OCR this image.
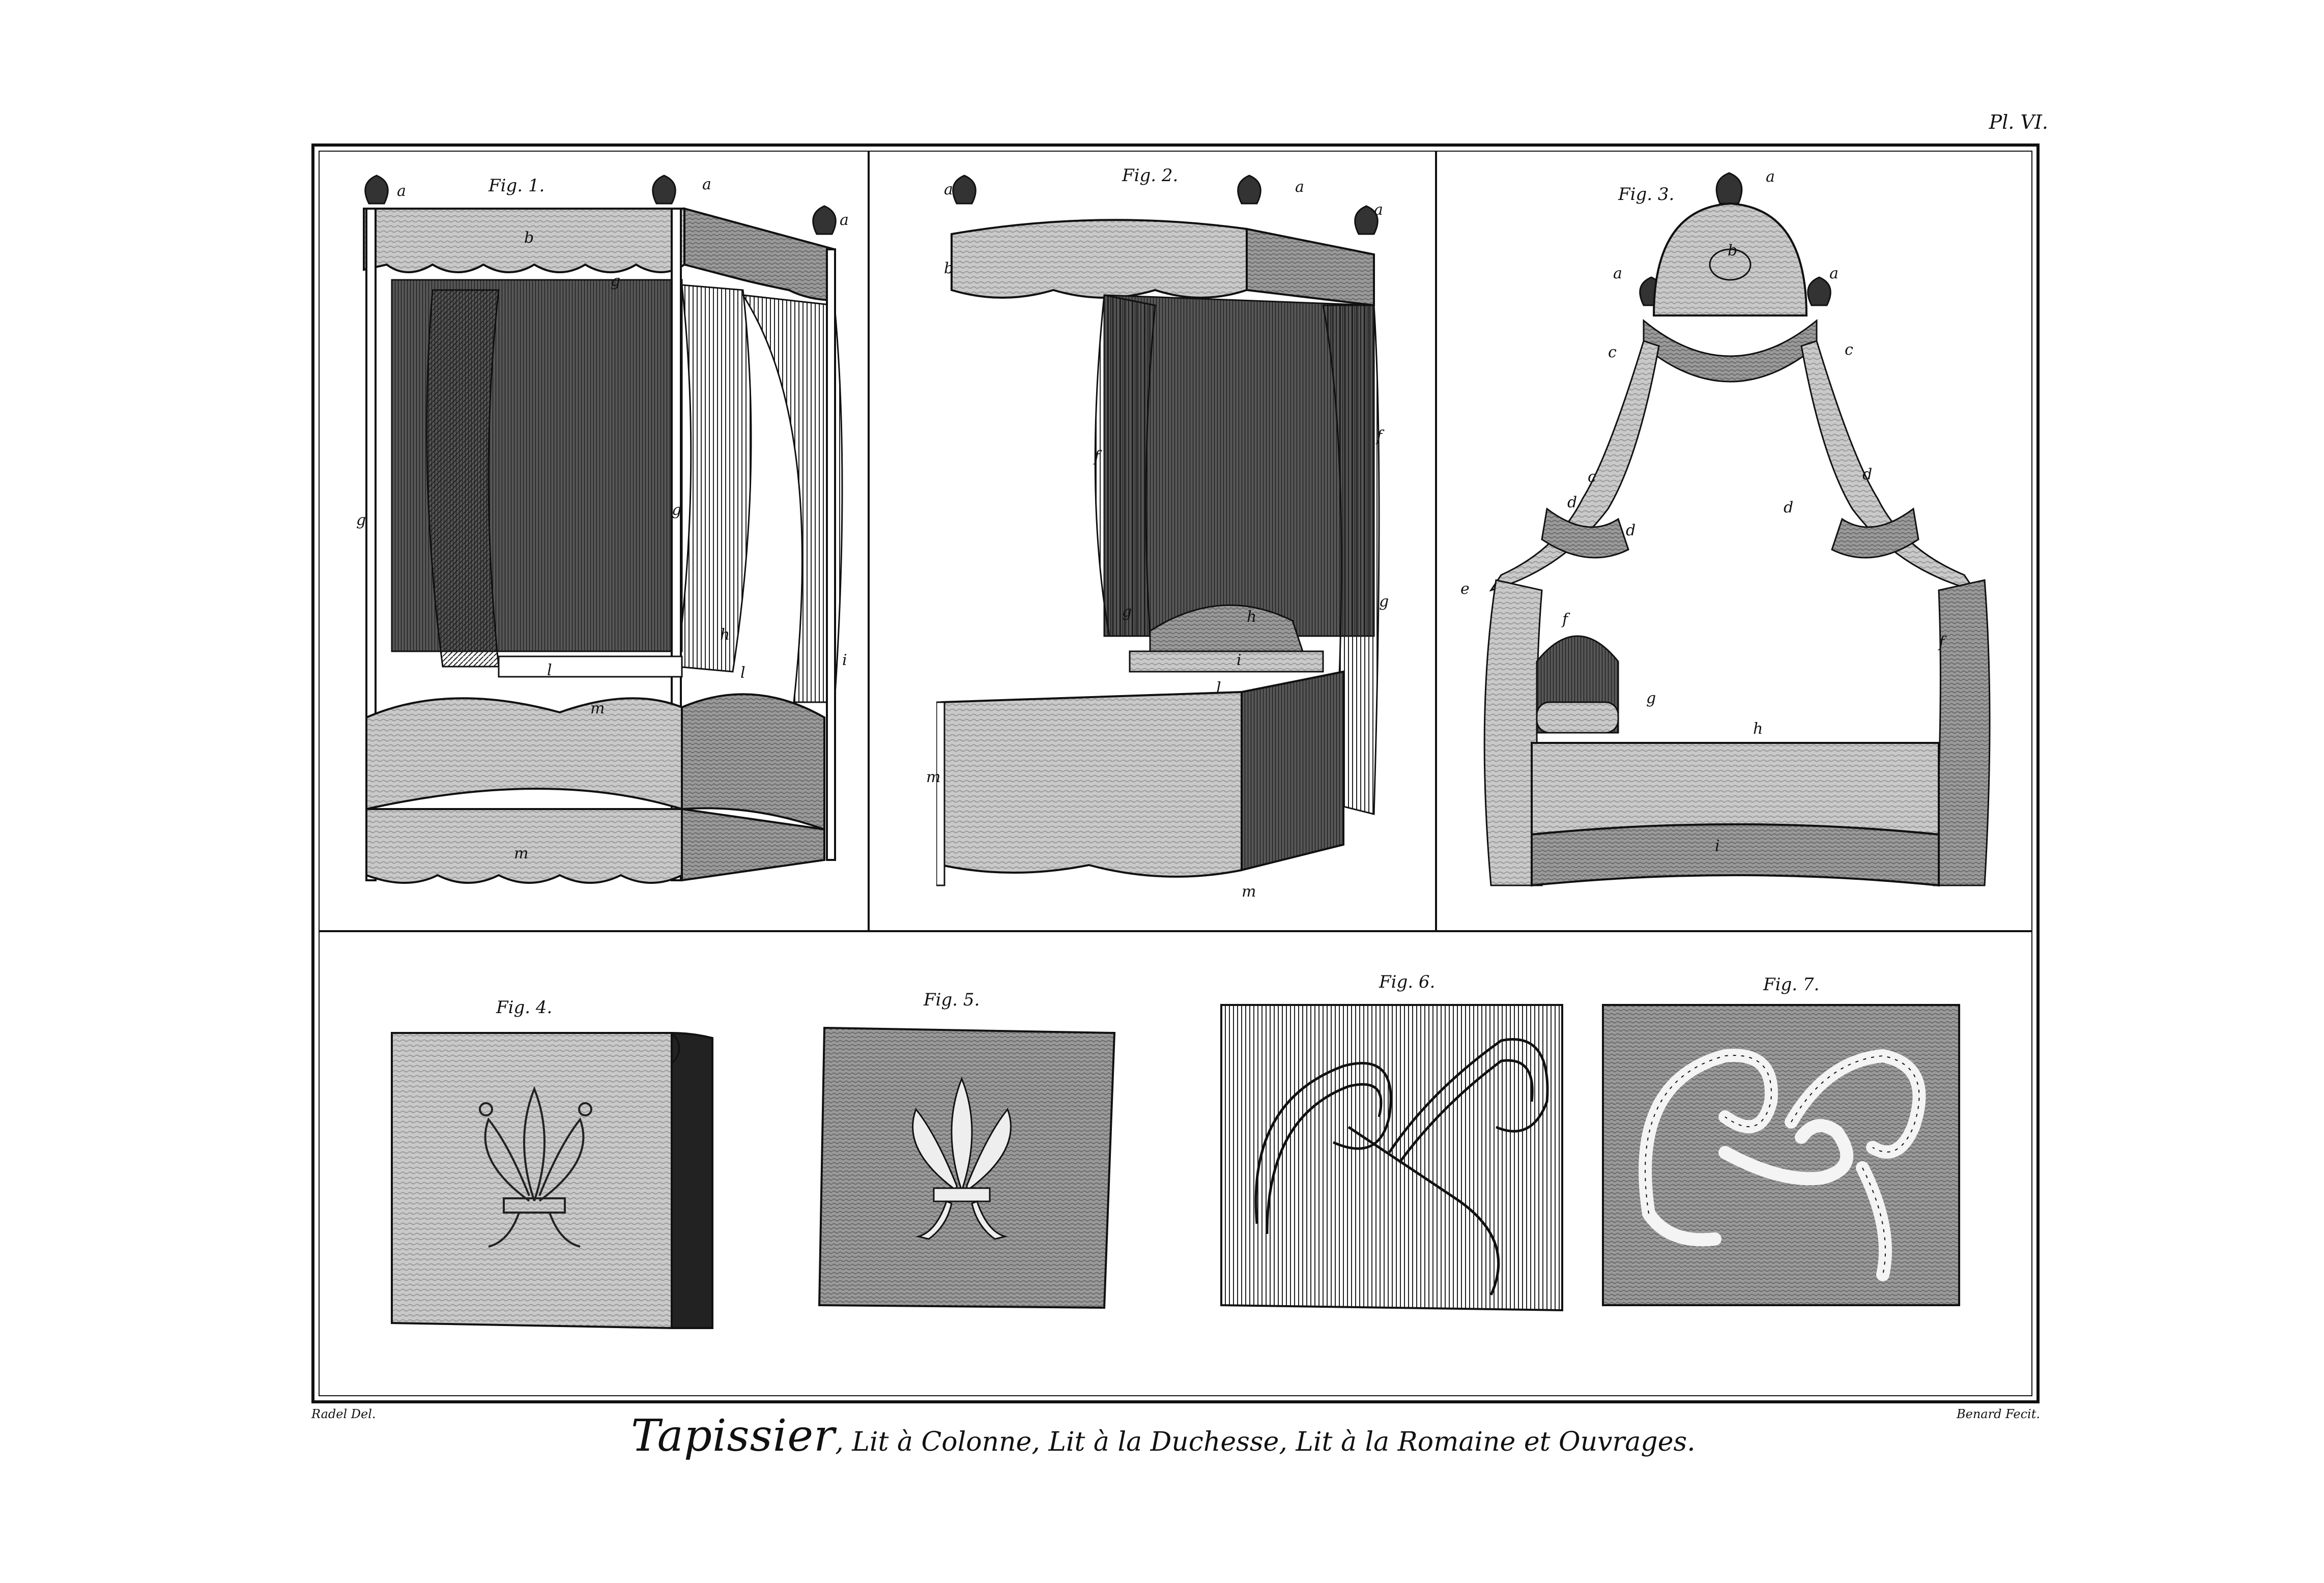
Pl. VI.
Fig. 1.
a	a
a
b
g
g
g
h
i
l	l
m
m
Fig. 2.
a	a
a
b
f
f
g
g
h
i
l
m
m
Fig. 3.
a
a	a
b
c	c
c
d
d
d
d
e
f
f
g
h
i
Fig. 4.	Fig. 5.
Fig. 6.	Fig. 7.
Radel Del.	Benard Fecit.
Tapissier, Lit à Colonne, Lit à la Duchesse, Lit à la Romaine et Ouvrages.
